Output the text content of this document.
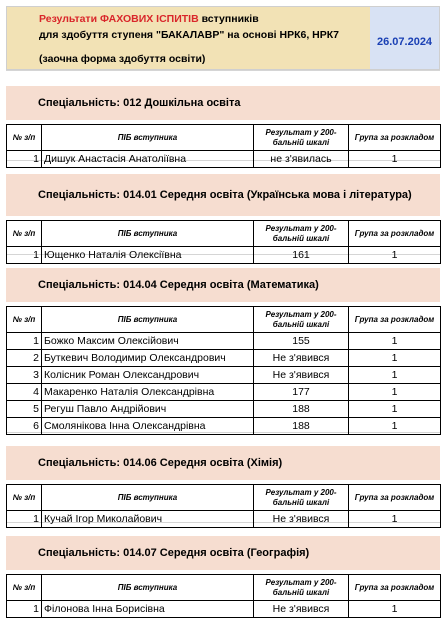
Результати ФАХОВИХ ІСПИТІВ вступників
для здобуття ступеня "БАКАЛАВР" на основі НРК6, НРК7
(заочна форма здобуття освіти)
26.07.2024
Спеціальність: 012 Дошкільна освіта
№ з/п	ПІБ вступника	Результат у 200-бальній шкалі	Група за розкладом
1	Дишук Анастасія Анатоліївна	не з'явилась	1
Спеціальність: 014.01 Середня освіта (Українська мова і література)
№ з/п	ПІБ вступника	Результат у 200-бальній шкалі	Група за розкладом
1	Ющенко Наталія Олексіївна	161	1
Спеціальність: 014.04 Середня освіта (Математика)
№ з/п	ПІБ вступника	Результат у 200-бальній шкалі	Група за розкладом
1	Божко Максим Олексійович	155	1
2	Буткевич Володимир Олександрович	Не з'явився	1
3	Колісник Роман Олександрович	Не з'явився	1
4	Макаренко Наталія Олександрівна	177	1
5	Регуш Павло Андрійович	188	1
6	Смолянікова Інна Олександрівна	188	1
Спеціальність: 014.06 Середня освіта (Хімія)
№ з/п	ПІБ вступника	Результат у 200-бальній шкалі	Група за розкладом
1	Кучай Ігор Миколайович	Не з'явився	1
Спеціальність: 014.07 Середня освіта (Географія)
№ з/п	ПІБ вступника	Результат у 200-бальній шкалі	Група за розкладом
1	Філонова Інна Борисівна	Не з'явився	1
